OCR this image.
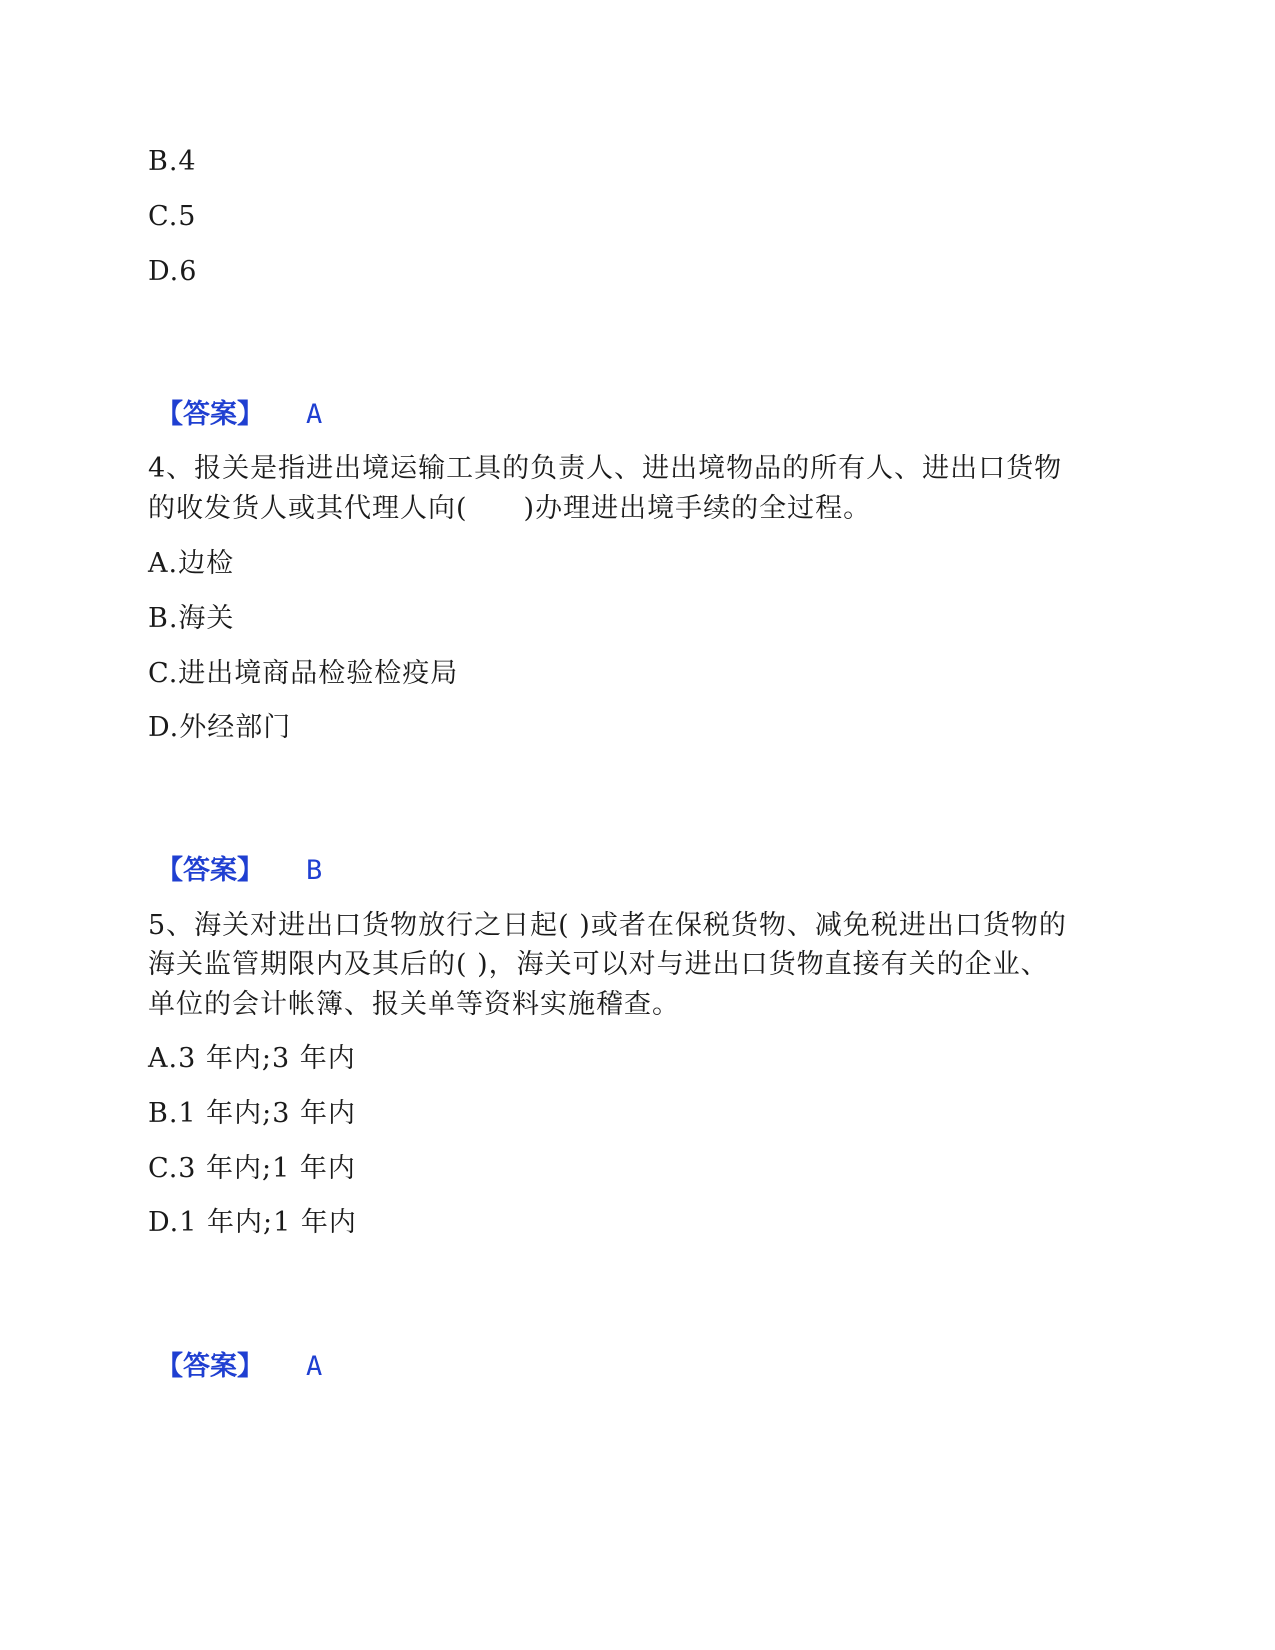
B.4
C.5
D.6
【答案】 A
4、报关是指进出境运输工具的负责人、进出境物品的所有人、进出口货物
的收发货人或其代理人向(　　)办理进出境手续的全过程。
A.边检
B.海关
C.进出境商品检验检疫局
D.外经部门
【答案】 B
5、海关对进出口货物放行之日起( )或者在保税货物、减免税进出口货物的
海关监管期限内及其后的( )，海关可以对与进出口货物直接有关的企业、
单位的会计帐簿、报关单等资料实施稽查。
A.3 年内;3 年内
B.1 年内;3 年内
C.3 年内;1 年内
D.1 年内;1 年内
【答案】 A
